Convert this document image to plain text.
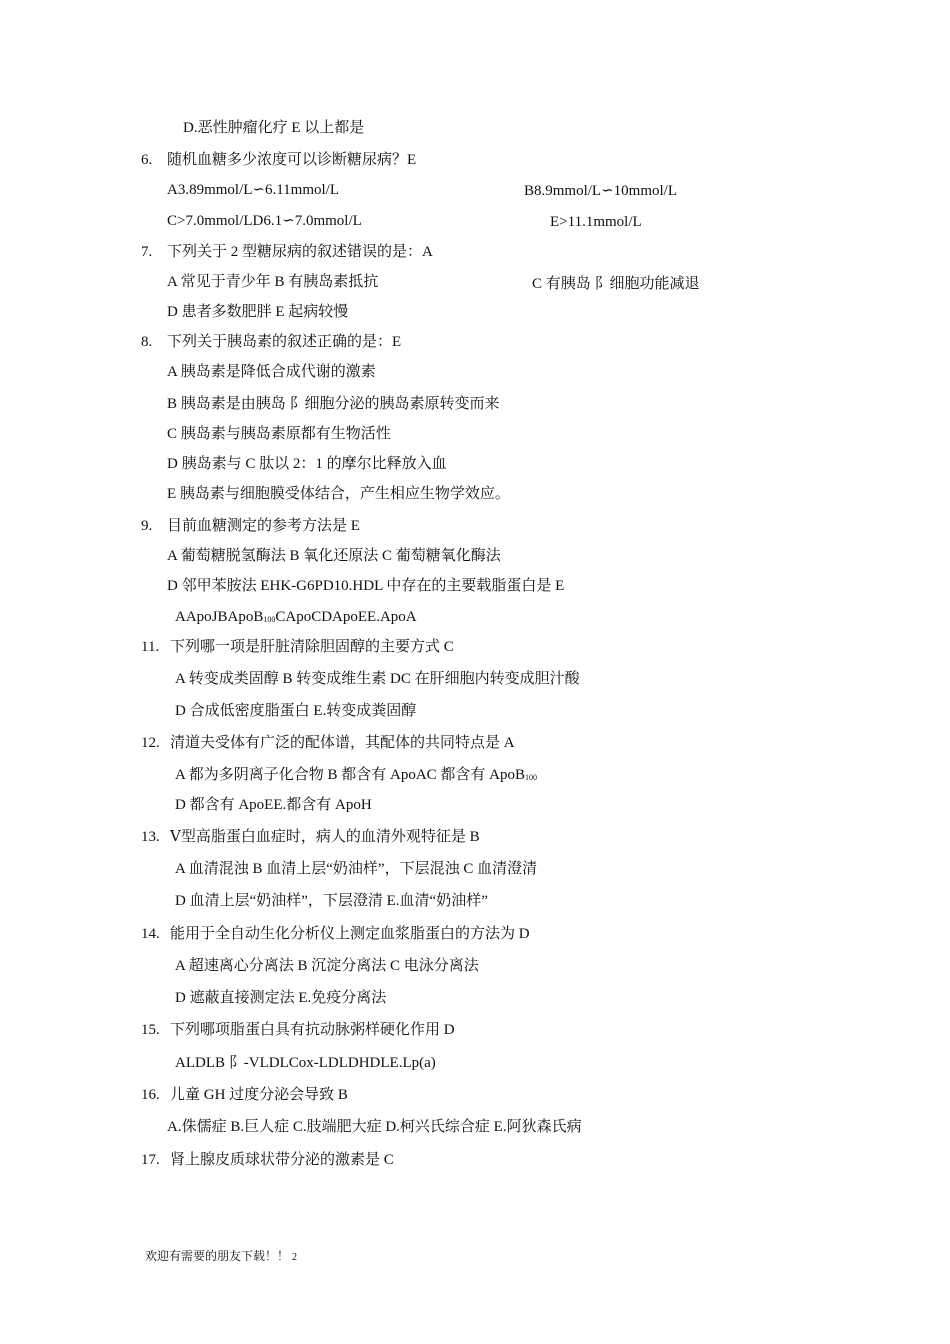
D.恶性肿瘤化疗 E 以上都是
6. 随机血糖多少浓度可以诊断糖尿病？E
A3.89mmol/L∽6.11mmol/L	B8.9mmol/L∽10mmol/L
C>7.0mmol/LD6.1∽7.0mmol/L	E>11.1mmol/L
7. 下列关于 2 型糖尿病的叙述错误的是：A
A 常见于青少年 B 有胰岛素抵抗	C 有胰岛 阝细胞功能减退
D 患者多数肥胖 E 起病较慢
8. 下列关于胰岛素的叙述正确的是：E
A 胰岛素是降低合成代谢的激素
B 胰岛素是由胰岛 阝细胞分泌的胰岛素原转变而来
C 胰岛素与胰岛素原都有生物活性
D 胰岛素与 C 肽以 2：1 的摩尔比释放入血
E 胰岛素与细胞膜受体结合，产生相应生物学效应。
9. 目前血糖测定的参考方法是 E
A 葡萄糖脱氢酶法 B 氧化还原法 C 葡萄糖氧化酶法
D 邻甲苯胺法 EHK-G6PD10.HDL 中存在的主要载脂蛋白是 E
AApoJBApoB$_{100}$CApoCDApoEE.ApoA
11. 下列哪一项是肝脏清除胆固醇的主要方式 C
A 转变成类固醇 B 转变成维生素 DC 在肝细胞内转变成胆汁酸
D 合成低密度脂蛋白 E.转变成粪固醇
12. 清道夫受体有广泛的配体谱，其配体的共同特点是 A
A 都为多阴离子化合物 B 都含有 ApoAC 都含有 ApoB$_{100}$
D 都含有 ApoEE.都含有 ApoH
13. Ⅴ型高脂蛋白血症时，病人的血清外观特征是 B
A 血清混浊 B 血清上层“奶油样”，下层混浊 C 血清澄清
D 血清上层“奶油样”，下层澄清 E.血清“奶油样”
14. 能用于全自动生化分析仪上测定血浆脂蛋白的方法为 D
A 超速离心分离法 B 沉淀分离法 C 电泳分离法
D 遮蔽直接测定法 E.免疫分离法
15. 下列哪项脂蛋白具有抗动脉粥样硬化作用 D
ALDLB 阝-VLDLCox-LDLDHDLE.Lp(a)
16. 儿童 GH 过度分泌会导致 B
A.侏儒症 B.巨人症 C.肢端肥大症 D.柯兴氏综合症 E.阿狄森氏病
17. 肾上腺皮质球状带分泌的激素是 C
欢迎有需要的朋友下载！！ 2
